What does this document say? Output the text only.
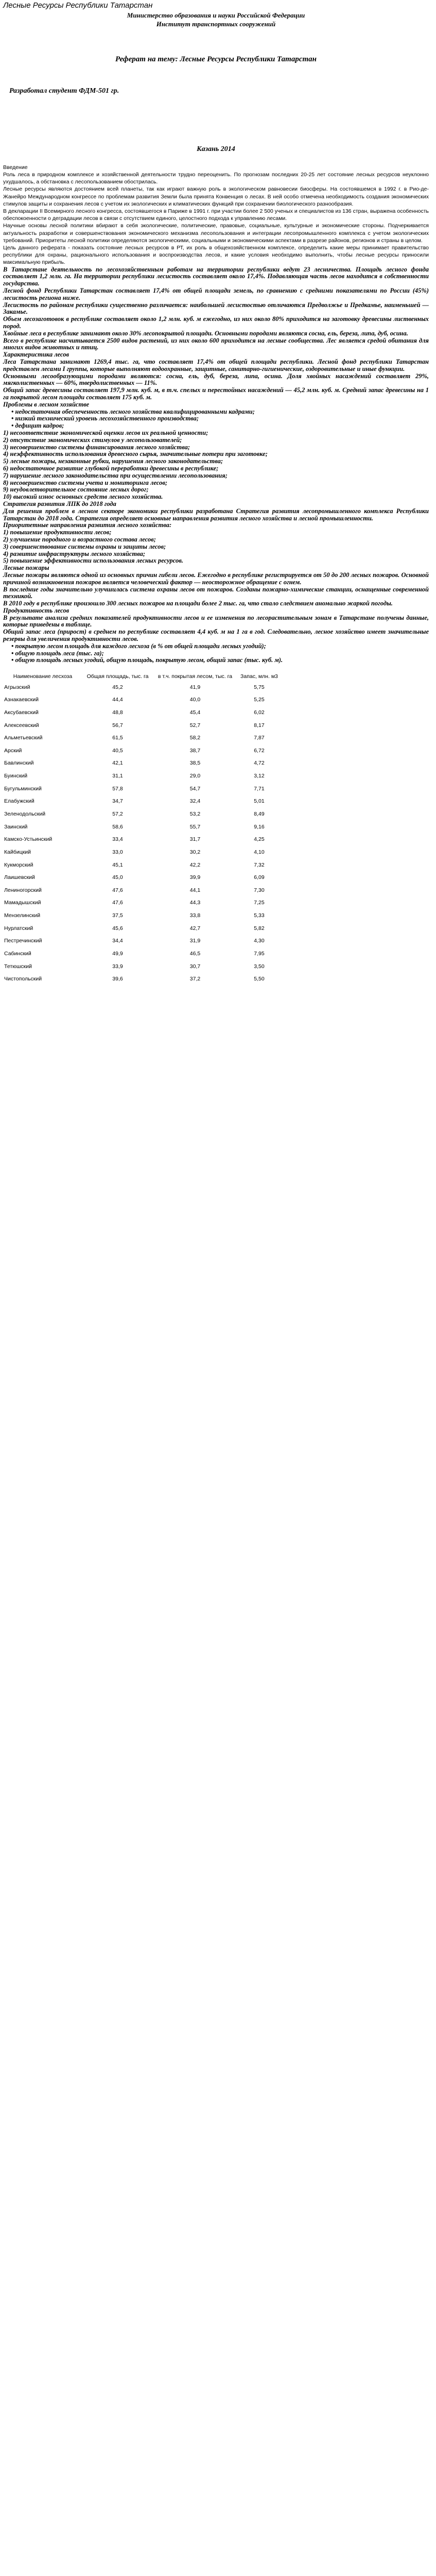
Лесные Ресурсы Республики Татарстан

Министерство образования и науки Российской Федерации

Институт транспортных сооружений

Реферат на тему: Лесные Ресурсы Республики Татарстан

Разработал студент ФДМ-501 гр.

Казань 2014

Введение

Роль леса в природном комплексе и хозяйственной деятельности трудно переоценить. По прогнозам последних 20-25 лет состояние лесных ресурсов неуклонно ухудшалось, а обстановка с лесопользованием обострилась.

Лесные ресурсы являются достоянием всей планеты, так как играют важную роль в экологическом равновесии биосферы. На состоявшемся в 1992 г. в Рио-де-Жанейро Международном конгрессе по проблемам развития Земли была принята Конвенция о лесах. В ней особо отмечена необходимость создания экономических стимулов защиты и сохранения лесов с учетом их экологических и климатических функций при сохранении биологического разнообразия.

В декларации II Всемирного лесного конгресса, состоявшегося в Париже в 1991 г. при участии более 2 500 ученых и специалистов из 136 стран, выражена особенность обеспокоенности о деградации лесов в связи с отсутствием единого, целостного подхода к управлению лесами.

Научные основы лесной политики вбирают в себя экологические, политические, правовые, социальные, культурные и экономические стороны. Подчеркивается актуальность разработки и совершенствования экономического механизма лесопользования и интеграции лесопромышленного комплекса с учетом экологических требований. Приоритеты лесной политики определяются экологическими, социальными и экономическими аспектами в разрезе районов, регионов и страны в целом.

Цель данного реферата - показать состояние лесных ресурсов в РТ, их роль в общехозяйственном комплексе, определить какие меры принимает правительство республики для охраны, рационального использования и воспроизводства лесов, и какие условия необходимо выполнить, чтобы лесные ресурсы приносили максимальную прибыль.

В Татарстане деятельность по лесохозяйственным работам на территории республики ведут 23 лесничества. Площадь лесного фонда составляет 1,2 млн. га. На территории республики лесистость составляет около 17,4%. Подавляющая часть лесов находится в собственности государства.

Лесной фонд Республики Татарстан составляет 17,4% от общей площади земель, по сравнению с средними показателями по России (45%) лесистость региона ниже.

Лесистость по районам республики существенно различается: наибольшей лесистостью отличаются Предволжье и Предкамье, наименьшей — Закамье.

Объем лесозаготовок в республике составляет около 1,2 млн. куб. м ежегодно, из них около 80% приходится на заготовку древесины лиственных пород.

Хвойные леса в республике занимают около 30% лесопокрытой площади. Основными породами являются сосна, ель, береза, липа, дуб, осина.

Всего в республике насчитывается 2500 видов растений, из них около 600 приходится на лесные сообщества. Лес является средой обитания для многих видов животных и птиц.

Характеристика лесов

Леса Татарстана занимают 1269,4 тыс. га, что составляет 17,4% от общей площади республики. Лесной фонд республики Татарстан представлен лесами I группы, которые выполняют водоохранные, защитные, санитарно-гигиенические, оздоровительные и иные функции.

Основными лесообразующими породами являются: сосна, ель, дуб, береза, липа, осина. Доля хвойных насаждений составляет 29%, мягколиственных — 60%, твердолиственных — 11%.

Общий запас древесины составляет 197,9 млн. куб. м, в т.ч. спелых и перестойных насаждений — 45,2 млн. куб. м. Средний запас древесины на 1 га покрытой лесом площади составляет 175 куб. м.

Проблемы в лесном хозяйстве

• недостаточная обеспеченность лесного хозяйства квалифицированными кадрами;

• низкий технический уровень лесохозяйственного производства;

• дефицит кадров;

1) несоответствие экономической оценки лесов их реальной ценности;

2) отсутствие экономических стимулов у лесопользователей;

3) несовершенство системы финансирования лесного хозяйства;

4) неэффективность использования древесного сырья, значительные потери при заготовке;

5) лесные пожары, незаконные рубки, нарушения лесного законодательства;

6) недостаточное развитие глубокой переработки древесины в республике;

7) нарушение лесного законодательства при осуществлении лесопользования;

8) несовершенство системы учета и мониторинга лесов;

9) неудовлетворительное состояние лесных дорог;

10) высокий износ основных средств лесного хозяйства.

Стратегия развития ЛПК до 2018 года

Для решения проблем в лесном секторе экономики республики разработана Стратегия развития лесопромышленного комплекса Республики Татарстан до 2018 года. Стратегия определяет основные направления развития лесного хозяйства и лесной промышленности.

Приоритетные направления развития лесного хозяйства:

1) повышение продуктивности лесов;

2) улучшение породного и возрастного состава лесов;

3) совершенствование системы охраны и защиты лесов;

4) развитие инфраструктуры лесного хозяйства;

5) повышение эффективности использования лесных ресурсов.

Лесные пожары

Лесные пожары являются одной из основных причин гибели лесов. Ежегодно в республике регистрируется от 50 до 200 лесных пожаров. Основной причиной возникновения пожаров является человеческий фактор — неосторожное обращение с огнем.

В последние годы значительно улучшилась система охраны лесов от пожаров. Созданы пожарно-химические станции, оснащенные современной техникой.

В 2010 году в республике произошло 300 лесных пожаров на площади более 2 тыс. га, что стало следствием аномально жаркой погоды.

Продуктивность лесов

В результате анализа средних показателей продуктивности лесов и ее изменения по лесорастительным зонам в Татарстане получены данные, которые приведены в таблице.

Общий запас леса (прирост) в среднем по республике составляет 4,4 куб. м на 1 га в год. Следовательно, лесное хозяйство имеет значительные резервы для увеличения продуктивности лесов.

• покрытую лесом площадь для каждого лесхоза (в % от общей площади лесных угодий);

• общую площадь леса (тыс. га);

• общую площадь лесных угодий, общую площадь, покрытую лесом, общий запас (тыс. куб. м).

Наименование лесхоза	Общая площадь, тыс. га	в т.ч. покрытая лесом, тыс. га	Запас, млн. м3
Агрызский	45,2	41,9	5,75
Азнакаевский	44,4	40,0	5,25
Аксубаевский	48,8	45,4	6,02
Алексеевский	56,7	52,7	8,17
Альметьевский	61,5	58,2	7,87
Арский	40,5	38,7	6,72
Бавлинский	42,1	38,5	4,72
Буинский	31,1	29,0	3,12
Бугульминский	57,8	54,7	7,71
Елабужский	34,7	32,4	5,01
Зеленодольский	57,2	53,2	8,49
Заинский	58,6	55,7	9,16
Камско-Устьинский	33,4	31,7	4,25
Кайбицкий	33,0	30,2	4,10
Кукморский	45,1	42,2	7,32
Лаишевский	45,0	39,9	6,09
Лениногорский	47,6	44,1	7,30
Мамадышский	47,6	44,3	7,25
Мензелинский	37,5	33,8	5,33
Нурлатский	45,6	42,7	5,82
Пестречинский	34,4	31,9	4,30
Сабинский	49,9	46,5	7,95
Тетюшский	33,9	30,7	3,50
Чистопольский	39,6	37,2	5,50
